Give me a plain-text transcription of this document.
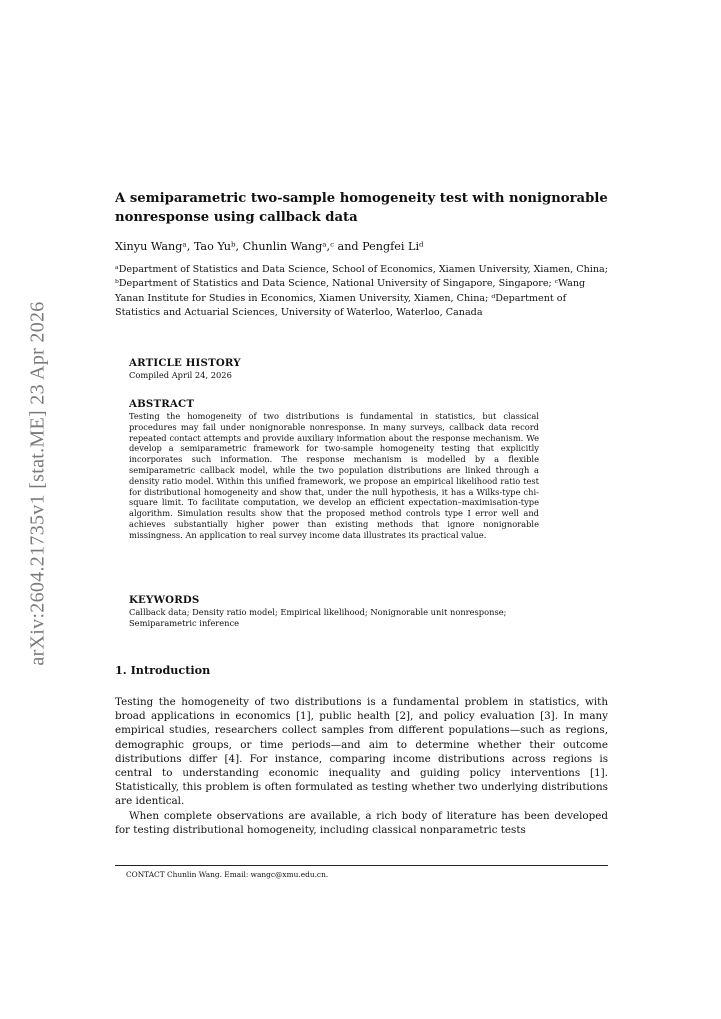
arXiv:2604.21735v1 [stat.ME] 23 Apr 2026
A semiparametric two-sample homogeneity test with nonignorable nonresponse using callback data

Xinyu Wangᵃ, Tao Yuᵇ, Chunlin Wangᵃ,ᶜ and Pengfei Liᵈ

ᵃDepartment of Statistics and Data Science, School of Economics, Xiamen University, Xiamen, China; ᵇDepartment of Statistics and Data Science, National University of Singapore, Singapore; ᶜWang Yanan Institute for Studies in Economics, Xiamen University, Xiamen, China; ᵈDepartment of Statistics and Actuarial Sciences, University of Waterloo, Waterloo, Canada

ARTICLE HISTORY

Compiled April 24, 2026

ABSTRACT

Testing the homogeneity of two distributions is fundamental in statistics, but classical procedures may fail under nonignorable nonresponse. In many surveys, callback data record repeated contact attempts and provide auxiliary information about the response mechanism. We develop a semiparametric framework for two-sample homogeneity testing that explicitly incorporates such information. The response mechanism is modelled by a flexible semiparametric callback model, while the two population distributions are linked through a density ratio model. Within this unified framework, we propose an empirical likelihood ratio test for distributional homogeneity and show that, under the null hypothesis, it has a Wilks-type chi-square limit. To facilitate computation, we develop an efficient expectation–maximisation-type algorithm. Simulation results show that the proposed method controls type I error well and achieves substantially higher power than existing methods that ignore nonignorable missingness. An application to real survey income data illustrates its practical value.

KEYWORDS

Callback data; Density ratio model; Empirical likelihood; Nonignorable unit nonresponse; Semiparametric inference

1. Introduction

Testing the homogeneity of two distributions is a fundamental problem in statistics, with broad applications in economics [1], public health [2], and policy evaluation [3]. In many empirical studies, researchers collect samples from different populations—such as regions, demographic groups, or time periods—and aim to determine whether their outcome distributions differ [4]. For instance, comparing income distributions across regions is central to understanding economic inequality and guiding policy interventions [1]. Statistically, this problem is often formulated as testing whether two underlying distributions are identical.

When complete observations are available, a rich body of literature has been developed for testing distributional homogeneity, including classical nonparametric tests

CONTACT Chunlin Wang. Email: wangc@xmu.edu.cn.
